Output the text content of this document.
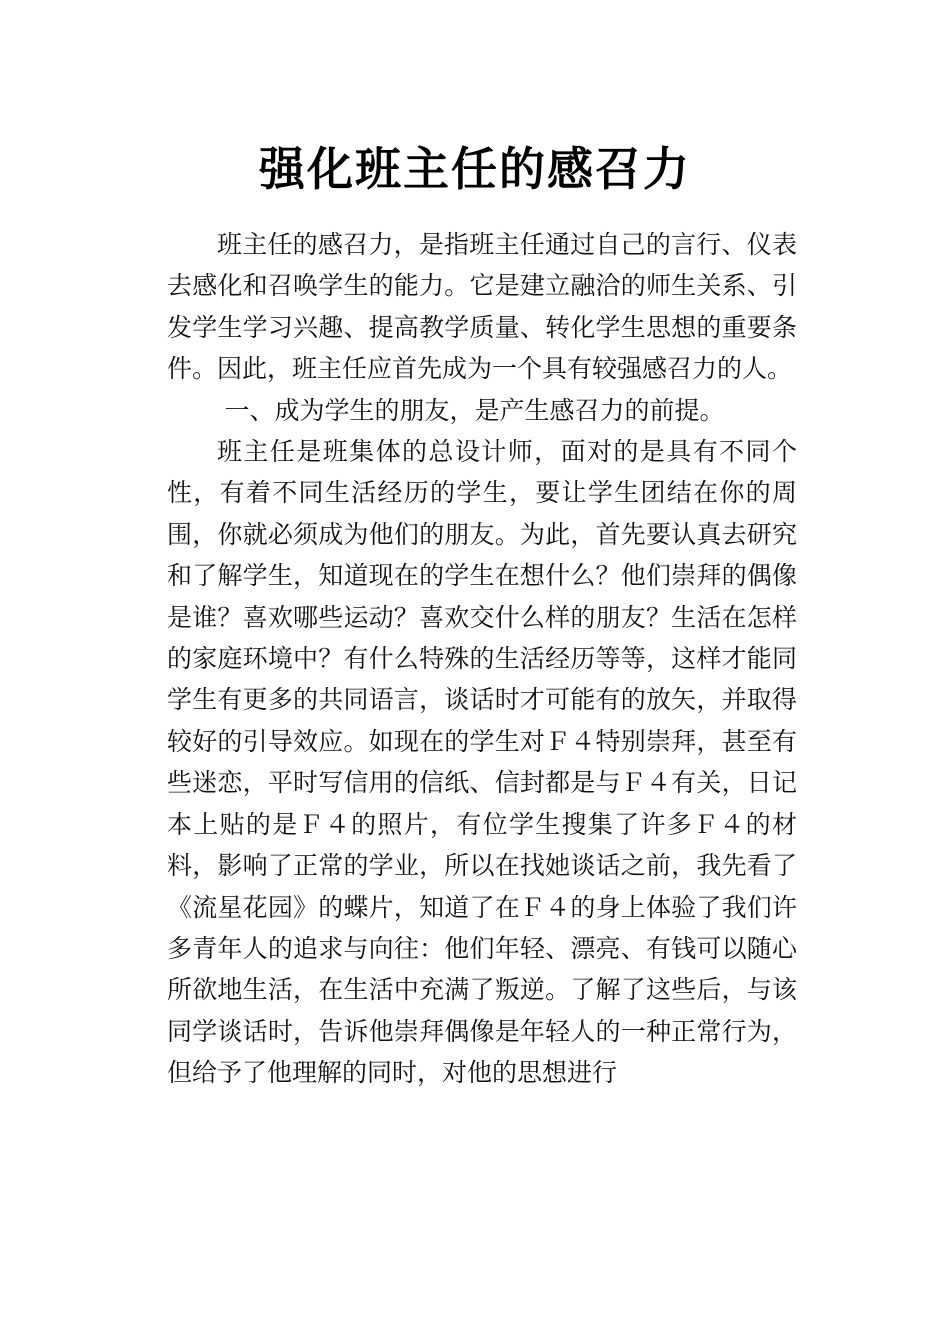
强化班主任的感召力

班主任的感召力，是指班主任通过自己的言行、仪表去感化和召唤学生的能力。它是建立融洽的师生关系、引发学生学习兴趣、提高教学质量、转化学生思想的重要条件。因此，班主任应首先成为一个具有较强感召力的人。

一、成为学生的朋友，是产生感召力的前提。

班主任是班集体的总设计师，面对的是具有不同个性，有着不同生活经历的学生，要让学生团结在你的周围，你就必须成为他们的朋友。为此，首先要认真去研究和了解学生，知道现在的学生在想什么？他们崇拜的偶像是谁？喜欢哪些运动？喜欢交什么样的朋友？生活在怎样的家庭环境中？有什么特殊的生活经历等等，这样才能同学生有更多的共同语言，谈话时才可能有的放矢，并取得较好的引导效应。如现在的学生对Ｆ４特别崇拜，甚至有些迷恋，平时写信用的信纸、信封都是与Ｆ４有关，日记本上贴的是Ｆ４的照片，有位学生搜集了许多Ｆ４的材料，影响了正常的学业，所以在找她谈话之前，我先看了《流星花园》的蝶片，知道了在Ｆ４的身上体验了我们许多青年人的追求与向往：他们年轻、漂亮、有钱可以随心所欲地生活，在生活中充满了叛逆。了解了这些后，与该同学谈话时，告诉他崇拜偶像是年轻人的一种正常行为，但给予了他理解的同时，对他的思想进行
